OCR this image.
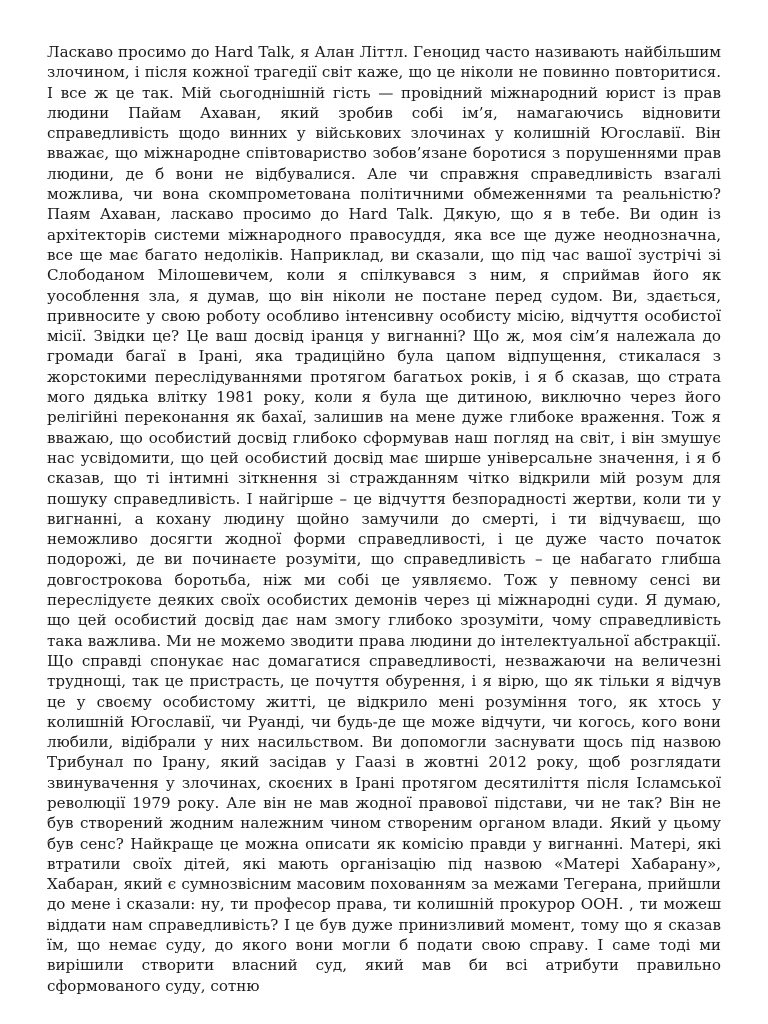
Ласкаво просимо до Hard Talk, я Алан Літтл. Геноцид часто називають найбільшим злочином, і після кожної трагедії світ каже, що це ніколи не повинно повторитися. І все ж це так. Мій сьогоднішній гість — провідний міжнародний юрист із прав людини Пайам Ахаван, який зробив собі ім’я, намагаючись відновити справедливість щодо винних у військових злочинах у колишній Югославії. Він вважає, що міжнародне співтовариство зобов’язане боротися з порушеннями прав людини, де б вони не відбувалися. Але чи справжня справедливість взагалі можлива, чи вона скомпрометована політичними обмеженнями та реальністю? Паям Ахаван, ласкаво просимо до Hard Talk. Дякую, що я в тебе. Ви один із архітекторів системи міжнародного правосуддя, яка все ще дуже неоднозначна, все ще має багато недоліків. Наприклад, ви сказали, що під час вашої зустрічі зі Слободаном Мілошевичем, коли я спілкувався з ним, я сприймав його як уособлення зла, я думав, що він ніколи не постане перед судом. Ви, здається, привносите у свою роботу особливо інтенсивну особисту місію, відчуття особистої місії. Звідки це? Це ваш досвід іранця у вигнанні? Що ж, моя сім’я належала до громади багаї в Ірані, яка традиційно була цапом відпущення, стикалася з жорстокими переслідуваннями протягом багатьох років, і я б сказав, що страта мого дядька влітку 1981 року, коли я була ще дитиною, виключно через його релігійні переконання як бахаї, залишив на мене дуже глибоке враження. Тож я вважаю, що особистий досвід глибоко сформував наш погляд на світ, і він змушує нас усвідомити, що цей особистий досвід має ширше універсальне значення, і я б сказав, що ті інтимні зіткнення зі стражданням чітко відкрили мій розум для пошуку справедливість. І найгірше – це відчуття безпорадності жертви, коли ти у вигнанні, а кохану людину щойно замучили до смерті, і ти відчуваєш, що неможливо досягти жодної форми справедливості, і це дуже часто початок подорожі, де ви починаєте розуміти, що справедливість – це набагато глибша довгострокова боротьба, ніж ми собі це уявляємо. Тож у певному сенсі ви переслідуєте деяких своїх особистих демонів через ці міжнародні суди. Я думаю, що цей особистий досвід дає нам змогу глибоко зрозуміти, чому справедливість така важлива. Ми не можемо зводити права людини до інтелектуальної абстракції. Що справді спонукає нас домагатися справедливості, незважаючи на величезні труднощі, так це пристрасть, це почуття обурення, і я вірю, що як тільки я відчув це у своєму особистому житті, це відкрило мені розуміння того, як хтось у колишній Югославії, чи Руанді, чи будь-де ще може відчути, чи когось, кого вони любили, відібрали у них насильством. Ви допомогли заснувати щось під назвою Трибунал по Ірану, який засідав у Гаазі в жовтні 2012 року, щоб розглядати звинувачення у злочинах, скоєних в Ірані протягом десятиліття після Ісламської революції 1979 року. Але він не мав жодної правової підстави, чи не так? Він не був створений жодним належним чином створеним органом влади. Який у цьому був сенс? Найкраще це можна описати як комісію правди у вигнанні. Матері, які втратили своїх дітей, які мають організацію під назвою «Матері Хабарану», Хабаран, який є сумнозвісним масовим похованням за межами Тегерана, прийшли до мене і сказали: ну, ти професор права, ти колишній прокурор ООН. , ти можеш віддати нам справедливість? І це був дуже принизливий момент, тому що я сказав їм, що немає суду, до якого вони могли б подати свою справу. І саме тоді ми вирішили створити власний суд, який мав би всі атрибути правильно сформованого суду, сотню
